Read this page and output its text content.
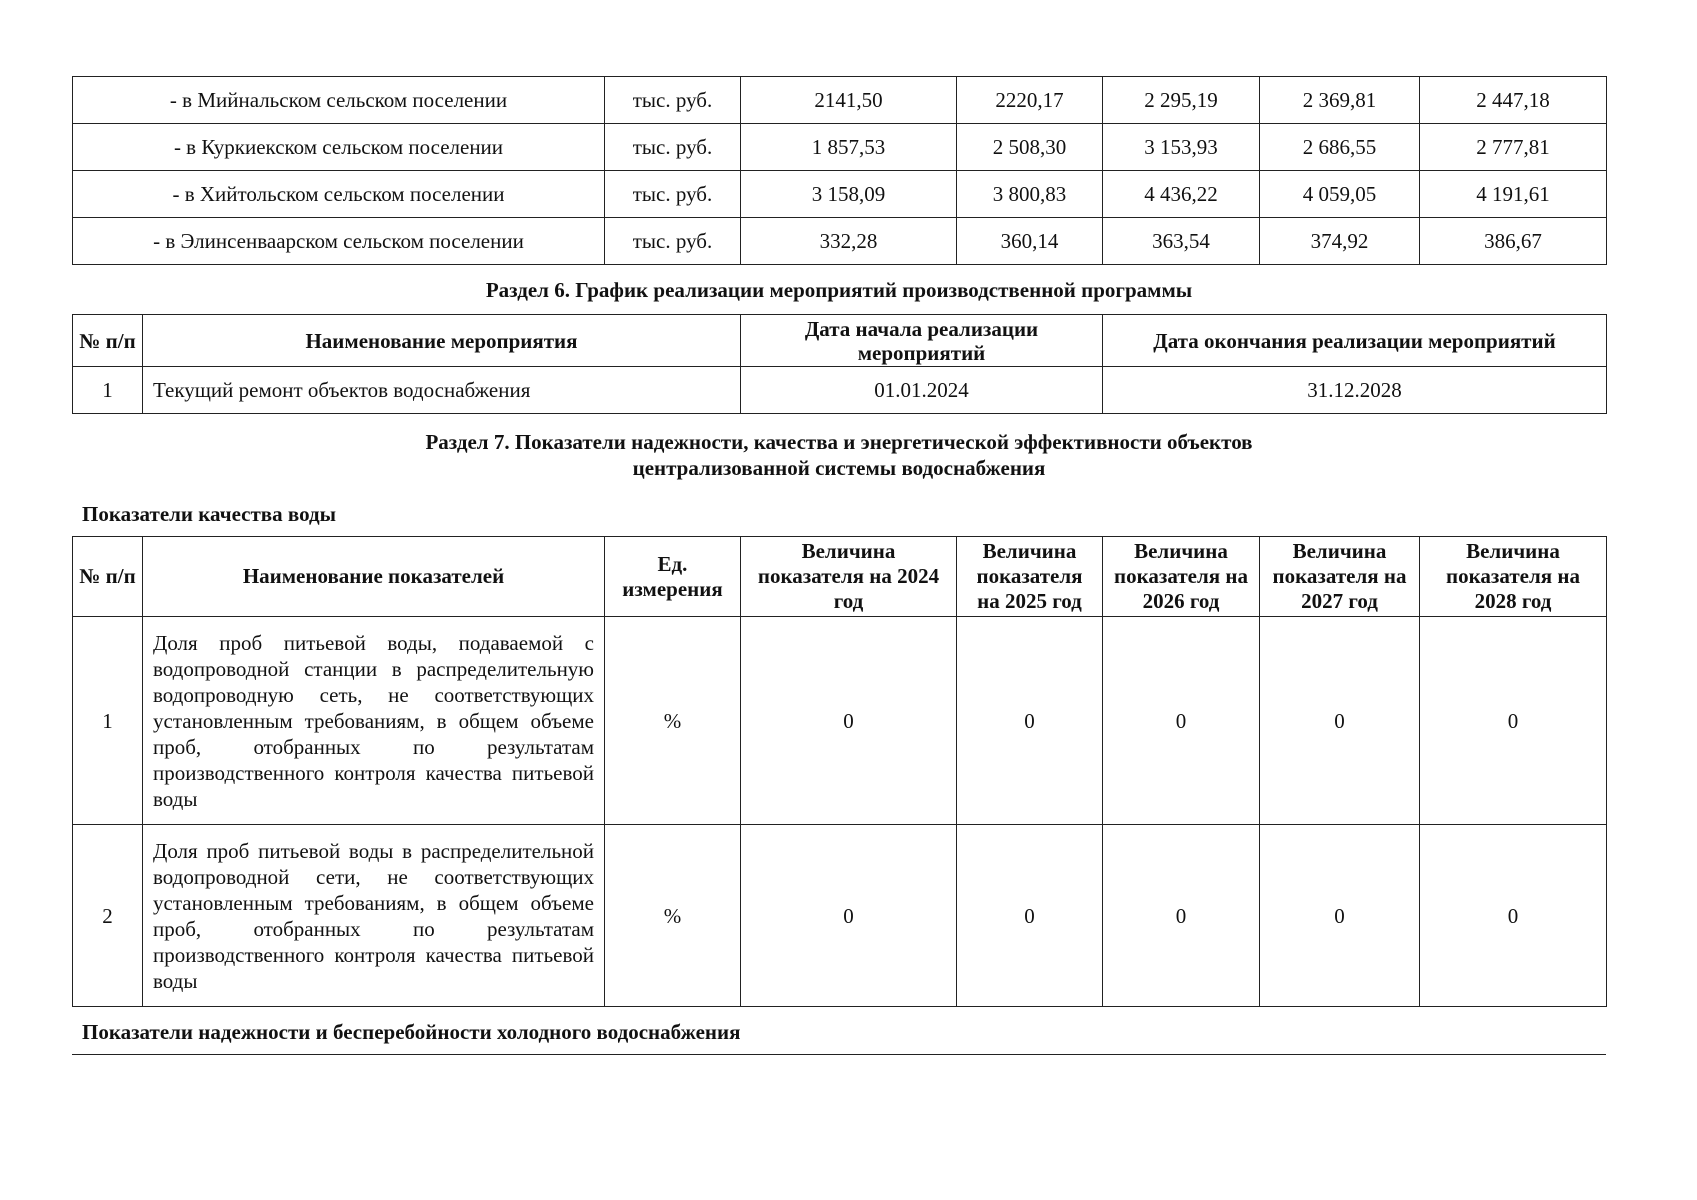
- в Мийнальском сельском поселении	тыс. руб.	2141,50	2220,17	2 295,19	2 369,81	2 447,18
- в Куркиекском сельском поселении	тыс. руб.	1 857,53	2 508,30	3 153,93	2 686,55	2 777,81
- в Хийтольском сельском поселении	тыс. руб.	3 158,09	3 800,83	4 436,22	4 059,05	4 191,61
- в Элинсенваарском сельском поселении	тыс. руб.	332,28	360,14	363,54	374,92	386,67
Раздел 6. График реализации мероприятий производственной программы
№ п/п	Наименование мероприятия	Дата начала реализации мероприятий	Дата окончания реализации мероприятий
1	Текущий ремонт объектов водоснабжения	01.01.2024	31.12.2028
Раздел 7. Показатели надежности, качества и энергетической эффективности объектов
централизованной системы водоснабжения
Показатели качества воды
№ п/п	Наименование показателей	Ед. измерения	Величина показателя на 2024 год	Величина показателя на 2025 год	Величина показателя на 2026 год	Величина показателя на 2027 год	Величина показателя на 2028 год
1	Доля проб питьевой воды, подаваемой с водопроводной станции в распределительную водопроводную сеть, не соответствующих установленным требованиям, в общем объеме проб, отобранных по результатам производственного контроля качества питьевой воды	%	0	0	0	0	0
2	Доля проб питьевой воды в распределительной водопроводной сети, не соответствующих установленным требованиям, в общем объеме проб, отобранных по результатам производственного контроля качества питьевой воды	%	0	0	0	0	0
Показатели надежности и бесперебойности холодного водоснабжения
